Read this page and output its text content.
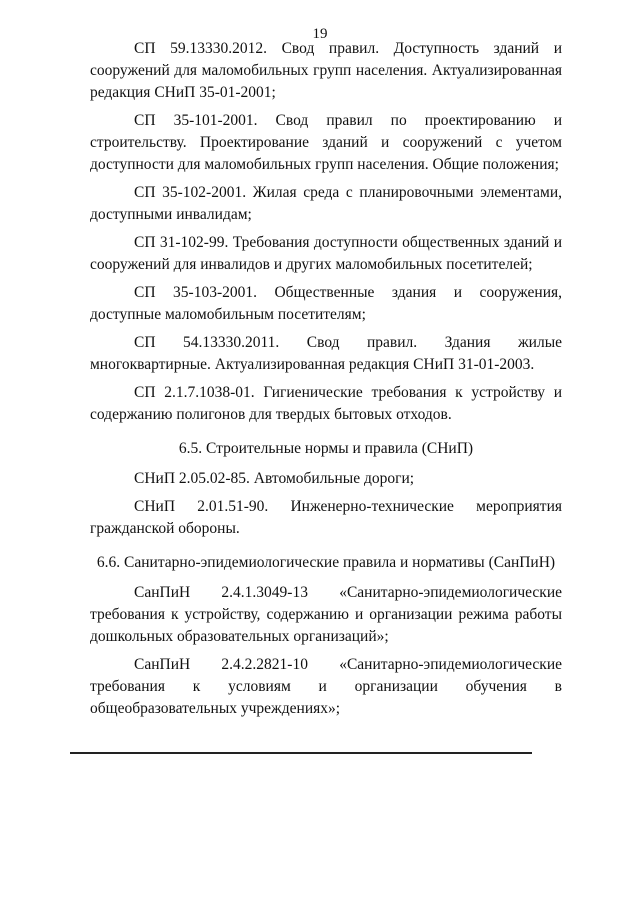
19

СП 59.13330.2012. Свод правил. Доступность зданий и сооружений для маломобильных групп населения. Актуализированная редакция СНиП 35-01-2001;

СП 35-101-2001. Свод правил по проектированию и строительству. Проектирование зданий и сооружений с учетом доступности для маломобильных групп населения. Общие положения;

СП 35-102-2001. Жилая среда с планировочными элементами, доступными инвалидам;

СП 31-102-99. Требования доступности общественных зданий и сооружений для инвалидов и других маломобильных посетителей;

СП 35-103-2001. Общественные здания и сооружения, доступные маломобильным посетителям;

СП 54.13330.2011. Свод правил. Здания жилые многоквартирные. Актуализированная редакция СНиП 31-01-2003.

СП 2.1.7.1038-01. Гигиенические требования к устройству и содержанию полигонов для твердых бытовых отходов.

6.5. Строительные нормы и правила (СНиП)

СНиП 2.05.02-85. Автомобильные дороги;

СНиП 2.01.51-90. Инженерно-технические мероприятия гражданской обороны.

6.6. Санитарно-эпидемиологические правила и нормативы (СанПиН)

СанПиН 2.4.1.3049-13 «Санитарно-эпидемиологические требования к устройству, содержанию и организации режима работы дошкольных образовательных организаций»;

СанПиН 2.4.2.2821-10 «Санитарно-эпидемиологические требования к условиям и организации обучения в общеобразовательных учреждениях»;
